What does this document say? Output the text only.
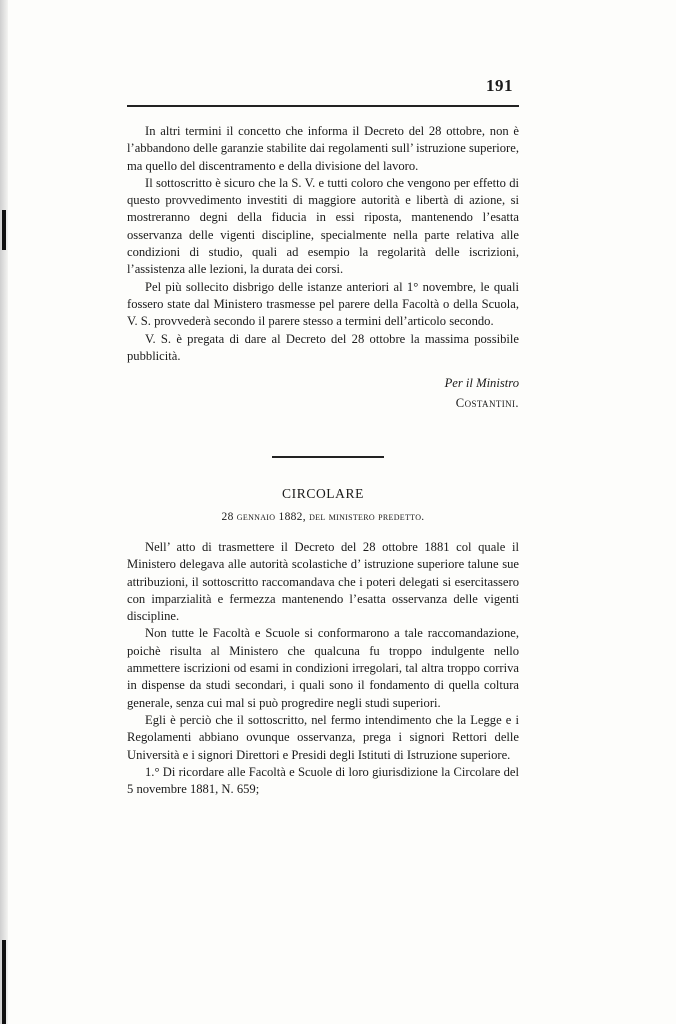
191

In altri termini il concetto che informa il Decreto del 28 ottobre, non è l’abbandono delle garanzie stabilite dai regolamenti sull’ istruzione superiore, ma quello del discentramento e della divisione del lavoro.

Il sottoscritto è sicuro che la S. V. e tutti coloro che vengono per effetto di questo provvedimento investiti di maggiore autorità e libertà di azione, si mostreranno degni della fiducia in essi riposta, mantenendo l’esatta osservanza delle vigenti discipline, specialmente nella parte relativa alle condizioni di studio, quali ad esempio la regolarità delle iscrizioni, l’assistenza alle lezioni, la durata dei corsi.

Pel più sollecito disbrigo delle istanze anteriori al 1° novembre, le quali fossero state dal Ministero trasmesse pel parere della Facoltà o della Scuola, V. S. provvederà secondo il parere stesso a termini dell’articolo secondo.

V. S. è pregata di dare al Decreto del 28 ottobre la massima possibile pubblicità.

Per il Ministro
Costantini.
CIRCOLARE
28 gennaio 1882, del ministero predetto.

Nell’ atto di trasmettere il Decreto del 28 ottobre 1881 col quale il Ministero delegava alle autorità scolastiche d’ istruzione superiore talune sue attribuzioni, il sottoscritto raccomandava che i poteri delegati si esercitassero con imparzialità e fermezza mantenendo l’esatta osservanza delle vigenti discipline.

Non tutte le Facoltà e Scuole si conformarono a tale raccomandazione, poichè risulta al Ministero che qualcuna fu troppo indulgente nello ammettere iscrizioni od esami in condizioni irregolari, tal altra troppo corriva in dispense da studi secondari, i quali sono il fondamento di quella coltura generale, senza cui mal si può progredire negli studi superiori.

Egli è perciò che il sottoscritto, nel fermo intendimento che la Legge e i Regolamenti abbiano ovunque osservanza, prega i signori Rettori delle Università e i signori Direttori e Presidi degli Istituti di Istruzione superiore.

1.° Di ricordare alle Facoltà e Scuole di loro giurisdizione la Circolare del 5 novembre 1881, N. 659;
